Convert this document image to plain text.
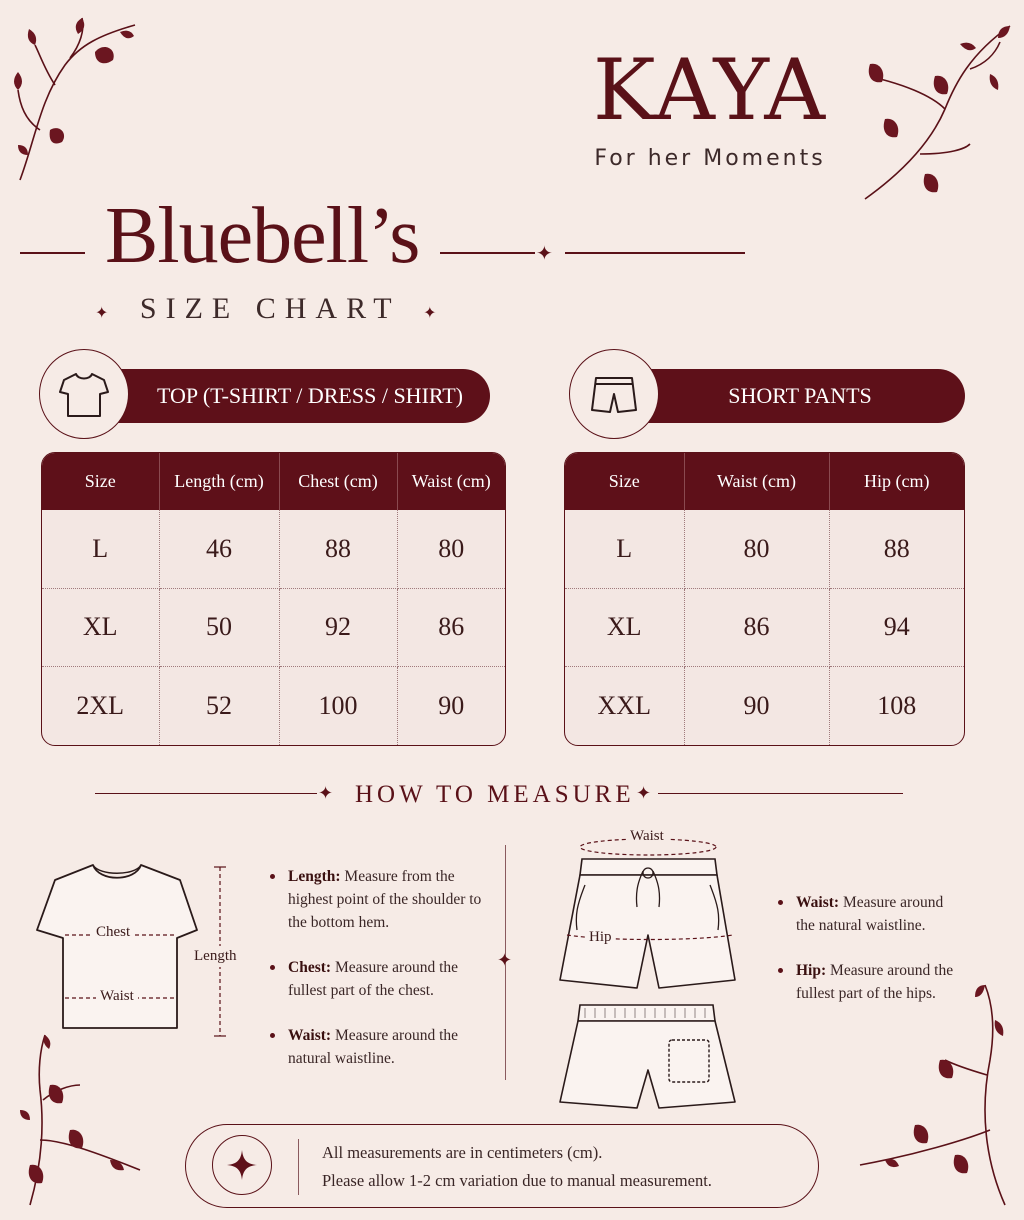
KAYA
For her Moments
Bluebell’s	✦
✦ SIZE CHART ✦
TOP (T-SHIRT / DRESS / SHIRT)	SHORT PANTS
Size	Length (cm)	Chest (cm)	Waist (cm)
L	46	88	80
XL	50	92	86
2XL	52	100	90
Size	Waist (cm)	Hip (cm)
L	80	88
XL	86	94
XXL	90	108
✦ HOW TO MEASURE ✦
✦
Chest
Waist
Length
Length: Measure from the highest point of the shoulder to the bottom hem.
Chest: Measure around the fullest part of the chest.
Waist: Measure around the natural waistline.
Waist
Hip
Waist: Measure around the natural waistline.
Hip: Measure around the fullest part of the hips.
All measurements are in centimeters (cm).
Please allow 1-2 cm variation due to manual measurement.
